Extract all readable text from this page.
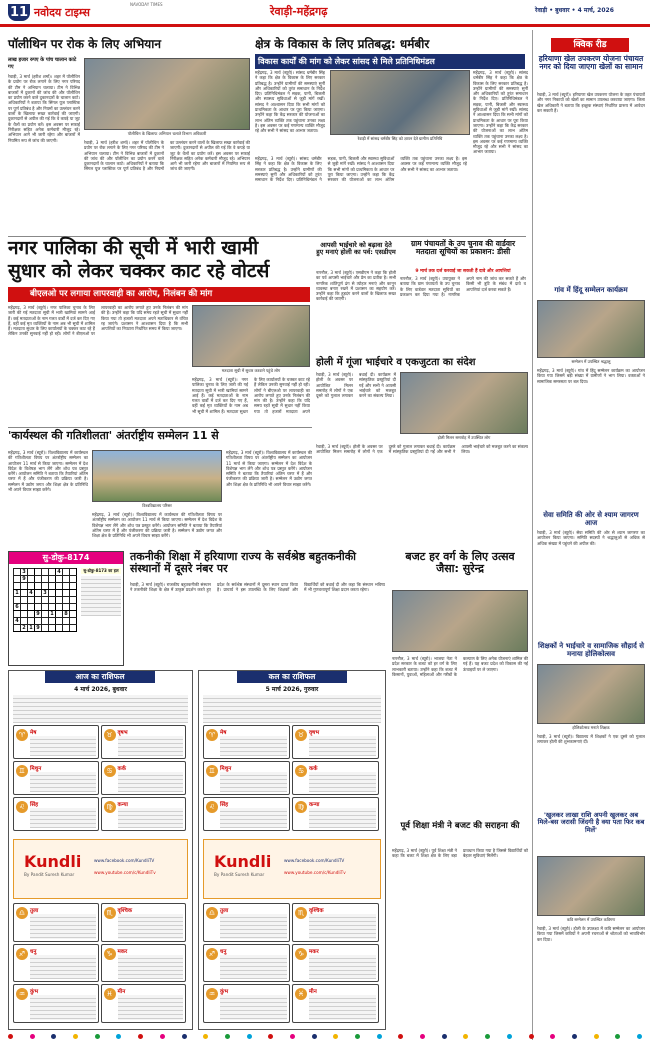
11 नवोदय टाइम्स
NAVODAY TIMES
रेवाड़ी-महेंद्रगढ़	रेवाड़ी • बुधवार • 4 मार्च, 2026
पॉलीथिन पर रोक के लिए अभियान
लाख हजार रुपए के पांच चालान काटे गए
रेवाड़ी, 3 मार्च (हरीश शर्मा)। शहर में पॉलीथिन के प्रयोग पर रोक लगाने के लिए नगर परिषद की टीम ने अभियान चलाया। टीम ने विभिन्न बाजारों में दुकानों की जांच की और पॉलीथिन का प्रयोग करने वाले दुकानदारों के चालान काटे। अधिकारियों ने बताया कि सिंगल यूज प्लास्टिक पर पूर्ण प्रतिबंध है और नियमों का उल्लंघन करने वालों के खिलाफ सख्त कार्रवाई की जाएगी। दुकानदारों से अपील की गई कि वे कपड़े या जूट के थैलों का प्रयोग करें। इस अवसर पर सफाई निरीक्षक सहित अनेक कर्मचारी मौजूद रहे। अभियान आगे भी जारी रहेगा और बाजारों में नियमित रूप से जांच की जाएगी।
पॉलीथिन के खिलाफ अभियान चलाते विभाग अधिकारी
रेवाड़ी, 3 मार्च (हरीश शर्मा)। शहर में पॉलीथिन के प्रयोग पर रोक लगाने के लिए नगर परिषद की टीम ने अभियान चलाया। टीम ने विभिन्न बाजारों में दुकानों की जांच की और पॉलीथिन का प्रयोग करने वाले दुकानदारों के चालान काटे। अधिकारियों ने बताया कि सिंगल यूज प्लास्टिक पर पूर्ण प्रतिबंध है और नियमों का उल्लंघन करने वालों के खिलाफ सख्त कार्रवाई की जाएगी। दुकानदारों से अपील की गई कि वे कपड़े या जूट के थैलों का प्रयोग करें। इस अवसर पर सफाई निरीक्षक सहित अनेक कर्मचारी मौजूद रहे। अभियान आगे भी जारी रहेगा और बाजारों में नियमित रूप से जांच की जाएगी।
क्षेत्र के विकास के लिए प्रतिबद्ध: धर्मबीर
विकास कार्यों की मांग को लेकर सांसद से मिले प्रतिनिधिमंडल
महेंद्रगढ़, 3 मार्च (ब्यूरो)। सांसद धर्मबीर सिंह ने कहा कि क्षेत्र के विकास के लिए सरकार प्रतिबद्ध है। उन्होंने ग्रामीणों की समस्याएं सुनीं और अधिकारियों को तुरंत समाधान के निर्देश दिए। प्रतिनिधिमंडल ने सड़क, पानी, बिजली और स्वास्थ्य सुविधाओं से जुड़ी मांगें रखीं। सांसद ने आश्वासन दिया कि सभी मांगों को प्राथमिकता के आधार पर पूरा किया जाएगा। उन्होंने कहा कि केंद्र सरकार की योजनाओं का लाभ अंतिम व्यक्ति तक पहुंचाना उनका लक्ष्य है। इस अवसर पर कई गणमान्य व्यक्ति मौजूद रहे और सभी ने सांसद का आभार जताया।
रेवाड़ी में सांसद धर्मबीर सिंह को ज्ञापन देते ग्रामीण प्रतिनिधि
महेंद्रगढ़, 3 मार्च (ब्यूरो)। सांसद धर्मबीर सिंह ने कहा कि क्षेत्र के विकास के लिए सरकार प्रतिबद्ध है। उन्होंने ग्रामीणों की समस्याएं सुनीं और अधिकारियों को तुरंत समाधान के निर्देश दिए। प्रतिनिधिमंडल ने सड़क, पानी, बिजली और स्वास्थ्य सुविधाओं से जुड़ी मांगें रखीं। सांसद ने आश्वासन दिया कि सभी मांगों को प्राथमिकता के आधार पर पूरा किया जाएगा। उन्होंने कहा कि केंद्र सरकार की योजनाओं का लाभ अंतिम व्यक्ति तक पहुंचाना उनका लक्ष्य है। इस अवसर पर कई गणमान्य व्यक्ति मौजूद रहे और सभी ने सांसद का आभार जताया।
महेंद्रगढ़, 3 मार्च (ब्यूरो)। सांसद धर्मबीर सिंह ने कहा कि क्षेत्र के विकास के लिए सरकार प्रतिबद्ध है। उन्होंने ग्रामीणों की समस्याएं सुनीं और अधिकारियों को तुरंत समाधान के निर्देश दिए। प्रतिनिधिमंडल ने सड़क, पानी, बिजली और स्वास्थ्य सुविधाओं से जुड़ी मांगें रखीं। सांसद ने आश्वासन दिया कि सभी मांगों को प्राथमिकता के आधार पर पूरा किया जाएगा। उन्होंने कहा कि केंद्र सरकार की योजनाओं का लाभ अंतिम व्यक्ति तक पहुंचाना उनका लक्ष्य है। इस अवसर पर कई गणमान्य व्यक्ति मौजूद रहे और सभी ने सांसद का आभार जताया।
क्विक रीड
हरियाणा खेल उपकरण योजना पंचायत नगर को दिया जाएगा खेलों का सामान
रेवाड़ी, 3 मार्च (ब्यूरो)। हरियाणा खेल उपकरण योजना के तहत पंचायतों और नगर निकायों को खेलों का सामान उपलब्ध करवाया जाएगा। जिला खेल अधिकारी ने बताया कि इच्छुक संस्थाएं निर्धारित प्रारूप में आवेदन कर सकती हैं।
गांव में हिंदू सम्मेलन कार्यक्रम
सम्मेलन में उपस्थित श्रद्धालु
महेंद्रगढ़, 3 मार्च (ब्यूरो)। गांव में हिंदू सम्मेलन कार्यक्रम का आयोजन किया गया जिसमें बड़ी संख्या में ग्रामीणों ने भाग लिया। वक्ताओं ने सामाजिक समरसता पर बल दिया।
सेवा समिति की ओर से श्याम जागरण आज
रेवाड़ी, 3 मार्च (ब्यूरो)। सेवा समिति की ओर से श्याम जागरण का आयोजन किया जाएगा। समिति सदस्यों ने श्रद्धालुओं से अधिक से अधिक संख्या में पहुंचने की अपील की।
शिक्षकों ने भाईचारे व सामाजिक सौहार्द से मनाया होलिकोत्सव
होलिकोत्सव मनाते शिक्षक
रेवाड़ी, 3 मार्च (ब्यूरो)। विद्यालय में शिक्षकों ने एक दूसरे को गुलाल लगाकर होली की शुभकामनाएं दीं।
'खुलकर लाखा राशि अपनी खुलकर अब मिले-बस जरासी जिंदगी है क्या पता फिर कब मिलें'
कवि सम्मेलन में उपस्थित कविगण
रेवाड़ी, 3 मार्च (ब्यूरो)। होली के उपलक्ष्य में कवि सम्मेलन का आयोजन किया गया जिसमें कवियों ने अपनी रचनाओं से श्रोताओं को भावविभोर कर दिया।
नगर पालिका की सूची में भारी खामी
सुधार को लेकर चक्कर काट रहे वोटर्स
बीएलओ पर लगाया लापरवाही का आरोप, निलंबन की मांग
महेंद्रगढ़, 3 मार्च (ब्यूरो)। नगर पालिका चुनाव के लिए जारी की गई मतदाता सूची में भारी खामियां सामने आई हैं। कई मतदाताओं के नाम गलत वार्डों में दर्ज कर दिए गए हैं, वहीं कई मृत व्यक्तियों के नाम अब भी सूची में शामिल हैं। मतदाता सुधार के लिए कार्यालयों के चक्कर काट रहे हैं लेकिन उनकी सुनवाई नहीं हो रही। लोगों ने बीएलओ पर लापरवाही का आरोप लगाते हुए उनके निलंबन की मांग की है। उन्होंने कहा कि यदि समय रहते सूची में सुधार नहीं किया गया तो हजारों मतदाता अपने मताधिकार से वंचित रह जाएंगे। प्रशासन ने आश्वासन दिया है कि सभी आपत्तियों का निपटारा निर्धारित समय में किया जाएगा।
मतदाता सूची में सुधार करवाने पहुंचे लोग
महेंद्रगढ़, 3 मार्च (ब्यूरो)। नगर पालिका चुनाव के लिए जारी की गई मतदाता सूची में भारी खामियां सामने आई हैं। कई मतदाताओं के नाम गलत वार्डों में दर्ज कर दिए गए हैं, वहीं कई मृत व्यक्तियों के नाम अब भी सूची में शामिल हैं। मतदाता सुधार के लिए कार्यालयों के चक्कर काट रहे हैं लेकिन उनकी सुनवाई नहीं हो रही। लोगों ने बीएलओ पर लापरवाही का आरोप लगाते हुए उनके निलंबन की मांग की है। उन्होंने कहा कि यदि समय रहते सूची में सुधार नहीं किया गया तो हजारों मतदाता अपने
आपसी भाईचारे को बढ़ावा देते हुए मनाएं होली का पर्व: एसडीएम
नारनौल, 3 मार्च (ब्यूरो)। एसडीएम ने कहा कि होली का पर्व आपसी भाईचारे और प्रेम का प्रतीक है। सभी नागरिक शांतिपूर्ण ढंग से त्योहार मनाएं और कानून व्यवस्था बनाए रखने में प्रशासन का सहयोग करें। उन्होंने कहा कि हुड़दंग करने वालों के खिलाफ सख्त कार्रवाई की जाएगी।
ग्राम पंचायतों के उप चुनाव की वार्डवार मतदाता सूचियों का प्रकाशन: डीसी
9 मार्च तक दर्ज करवाई जा सकती हैं दावे और आपत्तियां
नारनौल, 3 मार्च (ब्यूरो)। उपायुक्त ने बताया कि ग्राम पंचायतों के उप चुनाव के लिए वार्डवार मतदाता सूचियों का प्रकाशन कर दिया गया है। नागरिक अपने नाम की जांच कर सकते हैं और किसी भी त्रुटि के संबंध में दावे व आपत्तियां दर्ज करवा सकते हैं।
होली में गूंजा भाईचारे व एकजुटता का संदेश
होली मिलन समारोह में उपस्थित लोग
रेवाड़ी, 3 मार्च (ब्यूरो)। होली के अवसर पर आयोजित मिलन समारोह में लोगों ने एक दूसरे को गुलाल लगाकर बधाई दी। कार्यक्रम में सांस्कृतिक प्रस्तुतियां दी गईं और सभी ने आपसी भाईचारे को मजबूत करने का संकल्प लिया।
रेवाड़ी, 3 मार्च (ब्यूरो)। होली के अवसर पर आयोजित मिलन समारोह में लोगों ने एक दूसरे को गुलाल लगाकर बधाई दी। कार्यक्रम में सांस्कृतिक प्रस्तुतियां दी गईं और सभी ने आपसी भाईचारे को मजबूत करने का संकल्प लिया।
'कार्यस्थल की गतिशीलता' अंतर्राष्ट्रीय सम्मेलन 11 से
महेंद्रगढ़, 3 मार्च (ब्यूरो)। विश्वविद्यालय में कार्यस्थल की गतिशीलता विषय पर अंतर्राष्ट्रीय सम्मेलन का आयोजन 11 मार्च से किया जाएगा। सम्मेलन में देश विदेश के विशेषज्ञ भाग लेंगे और शोध पत्र प्रस्तुत करेंगे। आयोजन समिति ने बताया कि तैयारियां अंतिम चरण में हैं और पंजीकरण की प्रक्रिया जारी है। सम्मेलन में उद्योग जगत और शिक्षा क्षेत्र के प्रतिनिधि भी अपने विचार साझा करेंगे।
विश्वविद्यालय परिसर
महेंद्रगढ़, 3 मार्च (ब्यूरो)। विश्वविद्यालय में कार्यस्थल की गतिशीलता विषय पर अंतर्राष्ट्रीय सम्मेलन का आयोजन 11 मार्च से किया जाएगा। सम्मेलन में देश विदेश के विशेषज्ञ भाग लेंगे और शोध पत्र प्रस्तुत करेंगे। आयोजन समिति ने बताया कि तैयारियां अंतिम चरण में हैं और पंजीकरण की प्रक्रिया जारी है। सम्मेलन में उद्योग जगत और शिक्षा क्षेत्र के प्रतिनिधि भी अपने विचार साझा करेंगे।
महेंद्रगढ़, 3 मार्च (ब्यूरो)। विश्वविद्यालय में कार्यस्थल की गतिशीलता विषय पर अंतर्राष्ट्रीय सम्मेलन का आयोजन 11 मार्च से किया जाएगा। सम्मेलन में देश विदेश के विशेषज्ञ भाग लेंगे और शोध पत्र प्रस्तुत करेंगे। आयोजन समिति ने बताया कि तैयारियां अंतिम चरण में हैं और पंजीकरण की प्रक्रिया जारी है। सम्मेलन में उद्योग जगत और शिक्षा क्षेत्र के प्रतिनिधि भी अपने विचार साझा करेंगे।
सु-डोकु-8174
	3					4		
	9							

1		4		3				

6								
			9		1		8	
4								
	2	1	9					
सु-डोकु-8173 का हल
तकनीकी शिक्षा में हरियाणा राज्य के सर्वश्रेष्ठ बहुतकनीकी संस्थानों में दूसरे नंबर पर
रेवाड़ी, 3 मार्च (ब्यूरो)। राजकीय बहुतकनीकी संस्थान ने तकनीकी शिक्षा के क्षेत्र में उत्कृष्ट प्रदर्शन करते हुए प्रदेश के सर्वश्रेष्ठ संस्थानों में दूसरा स्थान प्राप्त किया है। प्राचार्य ने इस उपलब्धि के लिए शिक्षकों और विद्यार्थियों को बधाई दी और कहा कि संस्थान भविष्य में भी गुणवत्तापूर्ण शिक्षा प्रदान करता रहेगा।
बजट हर वर्ग के लिए उत्सव जैसा: सुरेन्द्र
नारनौल, 3 मार्च (ब्यूरो)। भाजपा नेता ने प्रदेश सरकार के बजट को हर वर्ग के लिए लाभकारी बताया। उन्होंने कहा कि बजट में किसानों, युवाओं, महिलाओं और गरीबों के कल्याण के लिए अनेक योजनाएं शामिल की गई हैं। यह बजट प्रदेश को विकास की नई ऊंचाइयों पर ले जाएगा।
पूर्व शिक्षा मंत्री ने बजट की सराहना की
महेंद्रगढ़, 3 मार्च (ब्यूरो)। पूर्व शिक्षा मंत्री ने कहा कि बजट में शिक्षा क्षेत्र के लिए बड़ा प्रावधान किया गया है जिससे विद्यार्थियों को बेहतर सुविधाएं मिलेंगी।
आज का राशिफल
4 मार्च 2026, बुधवार
♈ मेष	♉ वृषभ
♊ मिथुन	♋ कर्क
♌ सिंह	♍ कन्या
Kundli
By Pandit Suresh Kumar
www.facebook.com/KundliTV
www.youtube.com/c/KundliTv
♎ तुला	♏ वृश्चिक
♐ धनु	♑ मकर
♒ कुंभ	♓ मीन
कल का राशिफल
5 मार्च 2026, गुरुवार
♈ मेष	♉ वृषभ
♊ मिथुन	♋ कर्क
♌ सिंह	♍ कन्या
Kundli
By Pandit Suresh Kumar
www.facebook.com/KundliTV
www.youtube.com/c/KundliTv
♎ तुला	♏ वृश्चिक
♐ धनु	♑ मकर
♒ कुंभ	♓ मीन
